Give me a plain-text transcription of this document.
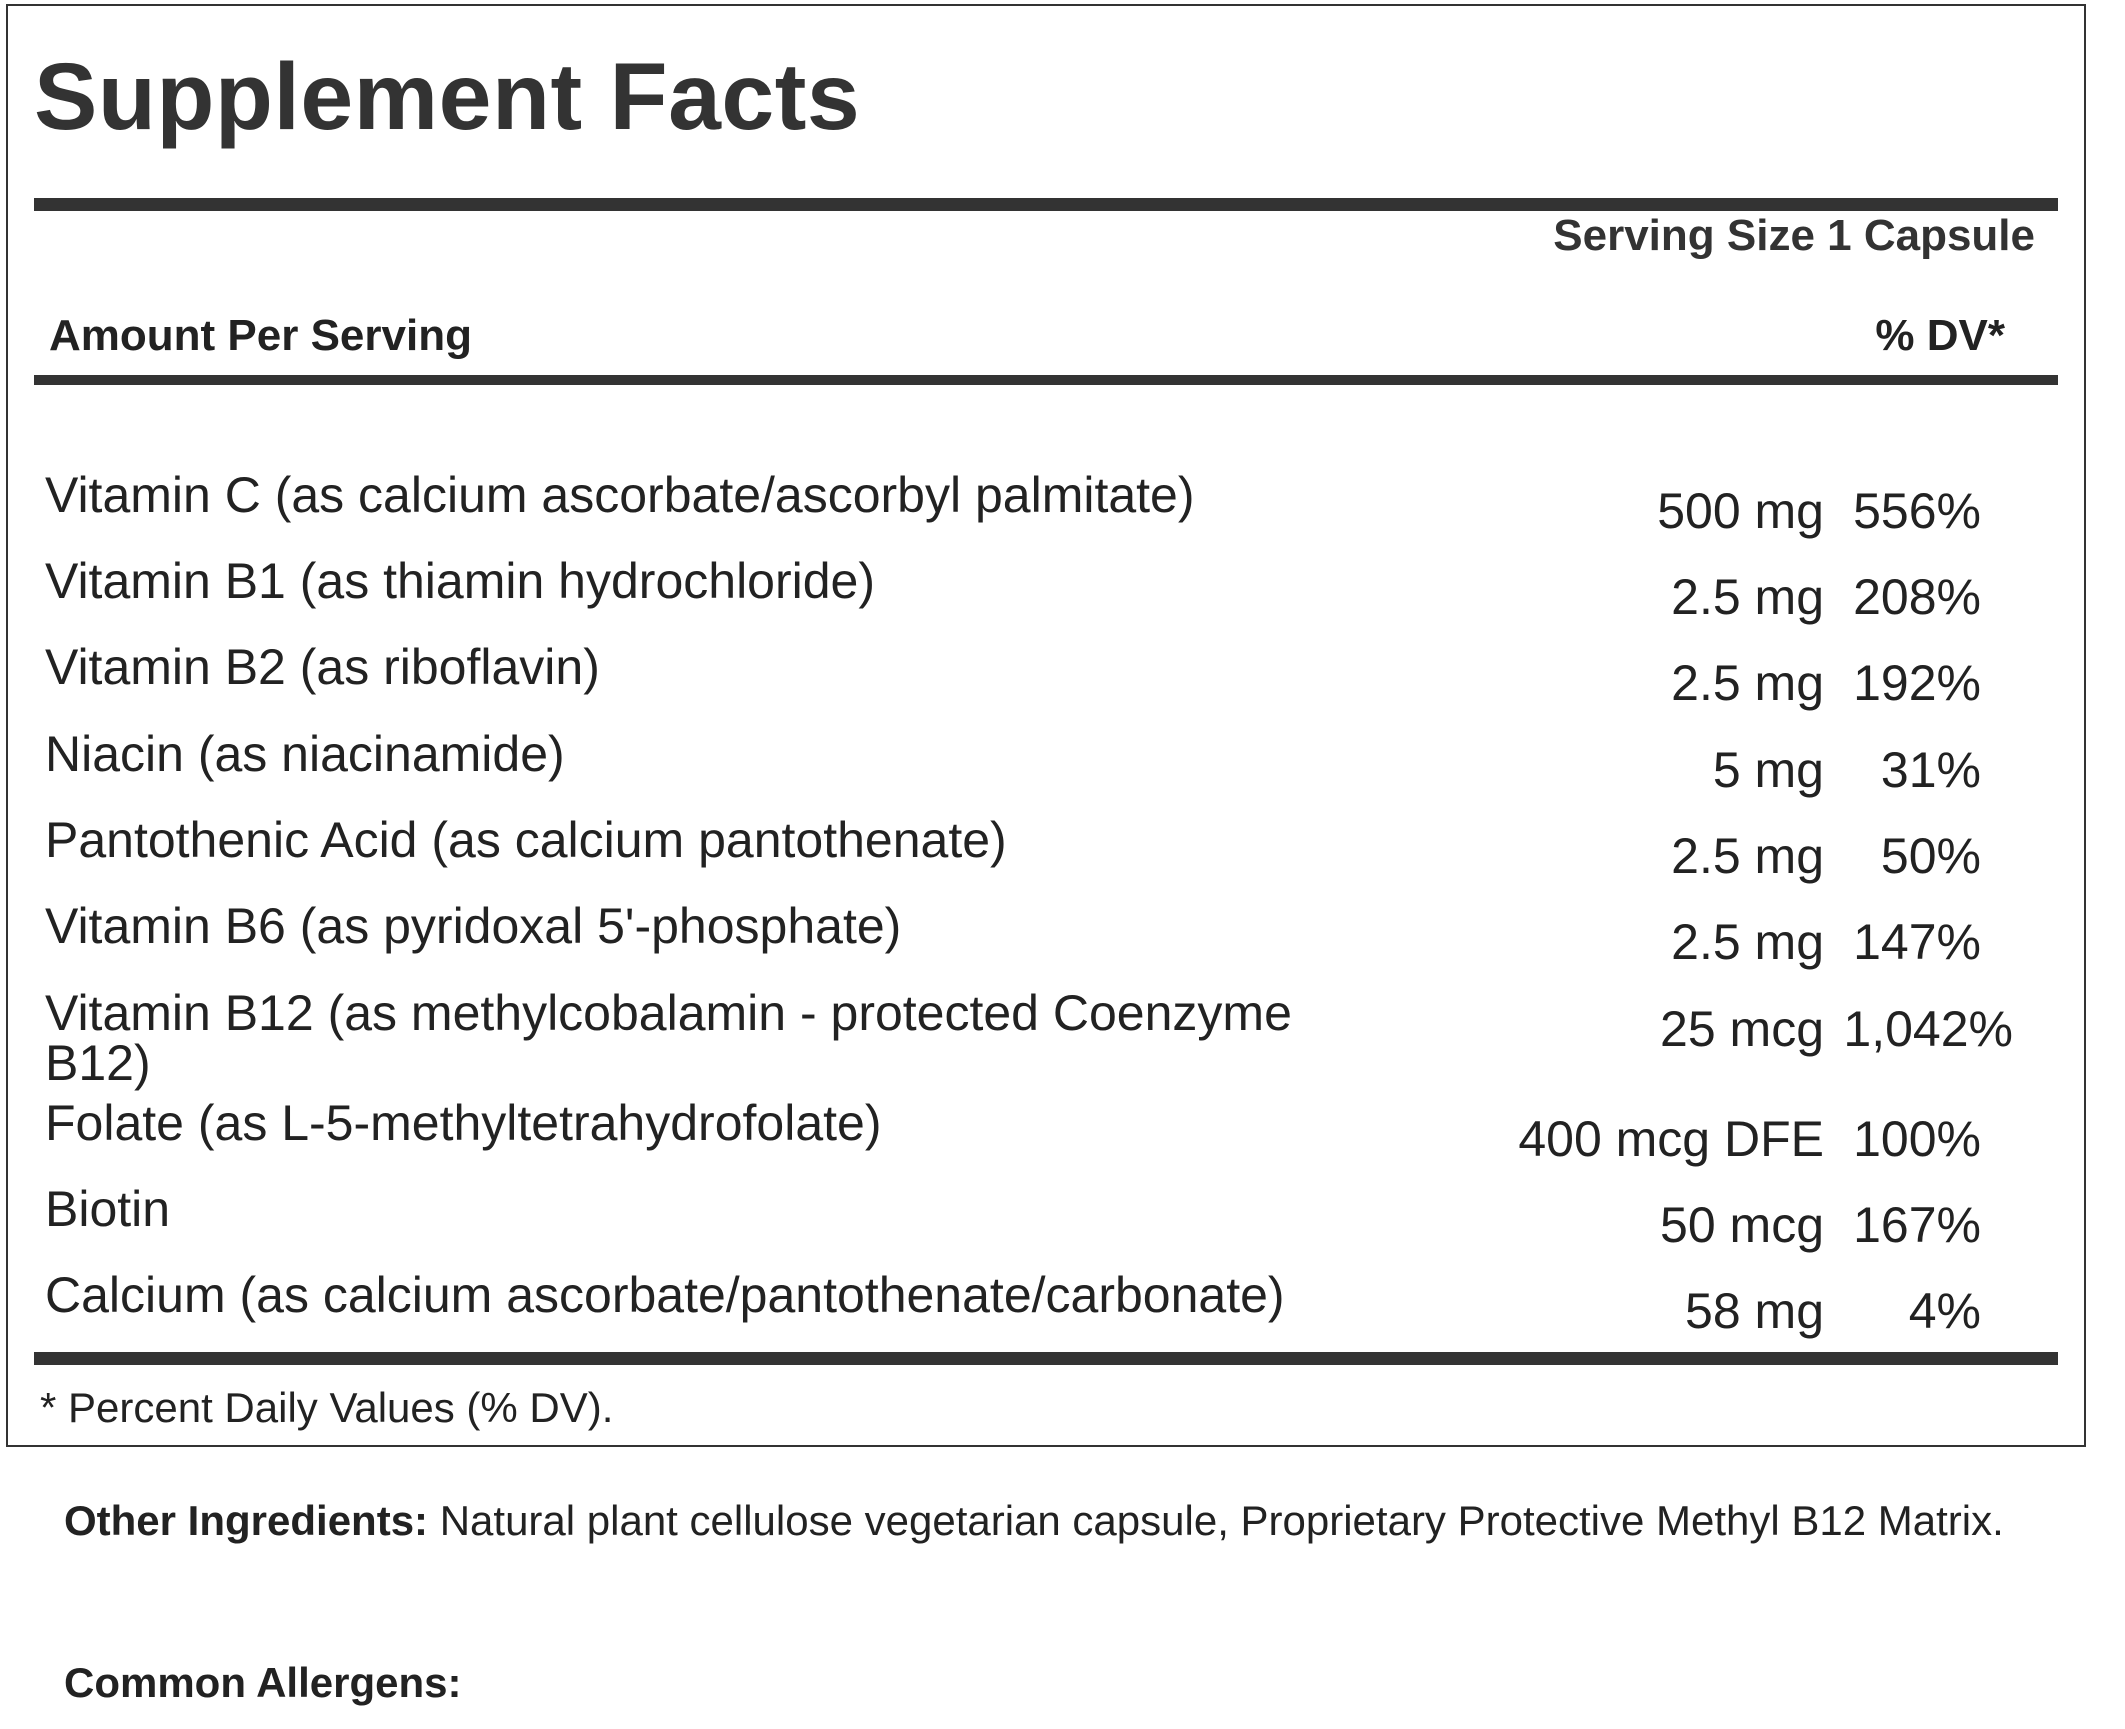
Supplement Facts
Serving Size 1 Capsule
Amount Per Serving	% DV*
Vitamin C (as calcium ascorbate/ascorbyl palmitate)	500 mg 556%
Vitamin B1 (as thiamin hydrochloride)	2.5 mg 208%
Vitamin B2 (as riboflavin)	2.5 mg 192%
Niacin (as niacinamide)	5 mg 31%
Pantothenic Acid (as calcium pantothenate)	2.5 mg 50%
Vitamin B6 (as pyridoxal 5'-phosphate)	2.5 mg 147%
Vitamin B12 (as methylcobalamin - protected Coenzyme B12)
25 mcg 1,042%
Folate (as L-5-methyltetrahydrofolate)	400 mcg DFE 100%
Biotin	50 mcg 167%
Calcium (as calcium ascorbate/pantothenate/carbonate)	58 mg 4%
* Percent Daily Values (% DV).
Other Ingredients: Natural plant cellulose vegetarian capsule, Proprietary Protective Methyl B12 Matrix.
Common Allergens:
